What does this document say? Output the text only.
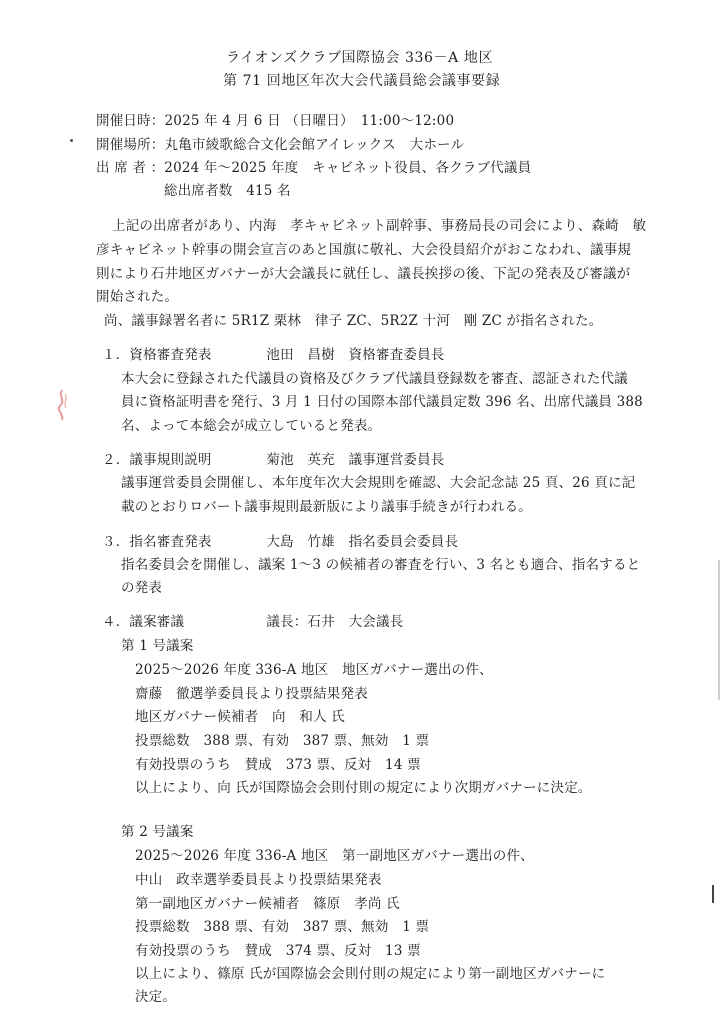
ライオンズクラブ国際協会 336－A 地区
第 71 回地区年次大会代議員総会議事要録
開催日時：2025 年 4 月 6 日 （日曜日）　11:00～12:00
開催場所：丸亀市綾歌総合文化会館アイレックス　大ホール
出 席 者 ：2024 年～2025 年度　キャビネット役員、各クラブ代議員
総出席者数　415 名
上記の出席者があり、内海　孝キャビネット副幹事、事務局長の司会により、森崎　敏
彦キャビネット幹事の開会宣言のあと国旗に敬礼、大会役員紹介がおこなわれ、議事規
則により石井地区ガバナーが大会議長に就任し、議長挨拶の後、下記の発表及び審議が
開始された。
尚、議事録署名者に 5R1Z 栗林　律子 ZC、5R2Z 十河　剛 ZC が指名された。
１．資格審査発表　　　　池田　昌樹　資格審査委員長
本大会に登録された代議員の資格及びクラブ代議員登録数を審査、認証された代議
員に資格証明書を発行、3 月 1 日付の国際本部代議員定数 396 名、出席代議員 388
名、よって本総会が成立していると発表。
２．議事規則説明　　　　菊池　英充　議事運営委員長
議事運営委員会開催し、本年度年次大会規則を確認、大会記念誌 25 頁、26 頁に記
載のとおりロバート議事規則最新版により議事手続きが行われる。
３．指名審査発表　　　　大島　竹雄　指名委員会委員長
指名委員会を開催し、議案 1～3 の候補者の審査を行い、3 名とも適合、指名すると
の発表
４．議案審議　　　　　　議長：石井　大会議長
第 1 号議案
2025～2026 年度 336-A 地区　地区ガバナー選出の件、
齋藤　徹選挙委員長より投票結果発表
地区ガバナー候補者　向　和人 氏
投票総数　388 票、有効　387 票、無効　1 票
有効投票のうち　賛成　373 票、反対　14 票
以上により、向 氏が国際協会会則付則の規定により次期ガバナーに決定。
第 2 号議案
2025～2026 年度 336-A 地区　第一副地区ガバナー選出の件、
中山　政幸選挙委員長より投票結果発表
第一副地区ガバナー候補者　篠原　孝尚 氏
投票総数　388 票、有効　387 票、無効　1 票
有効投票のうち　賛成　374 票、反対　13 票
以上により、篠原 氏が国際協会会則付則の規定により第一副地区ガバナーに
決定。
